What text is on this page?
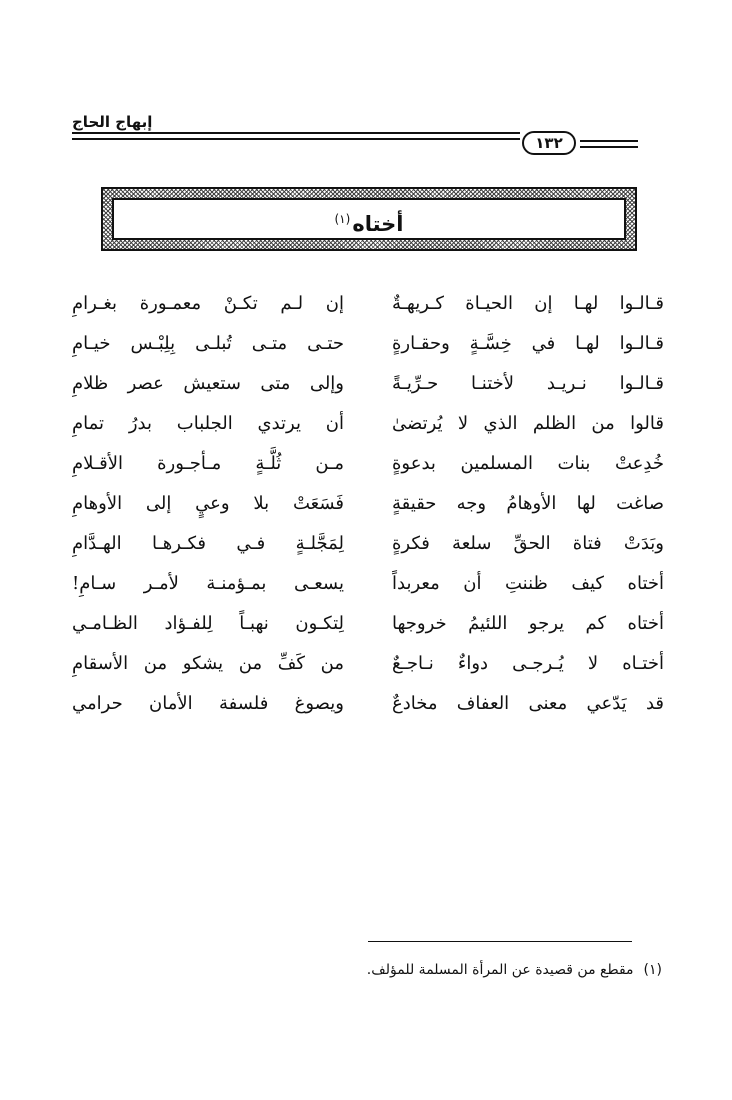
إبهاج الحاج
١٣٢
أختاه$^{(١)}$
قـالـوا لهـا إن الحيـاة كـريهـةٌ
إن لـم تكـنْ معمـورة بغـرامِ
قـالـوا لهـا في خِسَّـةٍ وحقـارةٍ
حتـى متـى تُبلـى بِلِبْـس خيـامِ
قـالـوا نـريـد لأختنـا حـرِّيـةً
وإلى متى ستعيش عصر ظلامِ
قالوا من الظلم الذي لا يُرتضىٰ
أن يرتدي الجلباب بدرُ تمامِ
خُدِعتْ بنات المسلمين بدعوةٍ
مـن ثُلَّـةٍ مـأجـورة الأقـلامِ
صاغت لها الأوهامُ وجه حقيقةٍ
فَسَعَتْ بلا وعيٍ إلى الأوهامِ
وبَدَتْ فتاة الحقِّ سلعة فكرةٍ
لِمَجَّلـةٍ فـي فكـرهـا الهـدَّامِ
أختاه كيف ظننتِ أن معربداً
يسعـى بمـؤمنـة لأمـر سـامِ!
أختاه كم يرجو اللئيمُ خروجها
لِتكـون نهبـاً لِلفـؤاد الظـامـي
أختـاه لا يُـرجـى دواءٌ نـاجـعٌ
من كَفِّ من يشكو من الأسقامِ
قد يَدّعي معنى العفاف مخادعٌ
ويصوغ فلسفة الأمان حرامي
(١)مقطع من قصيدة عن المرأة المسلمة للمؤلف.
